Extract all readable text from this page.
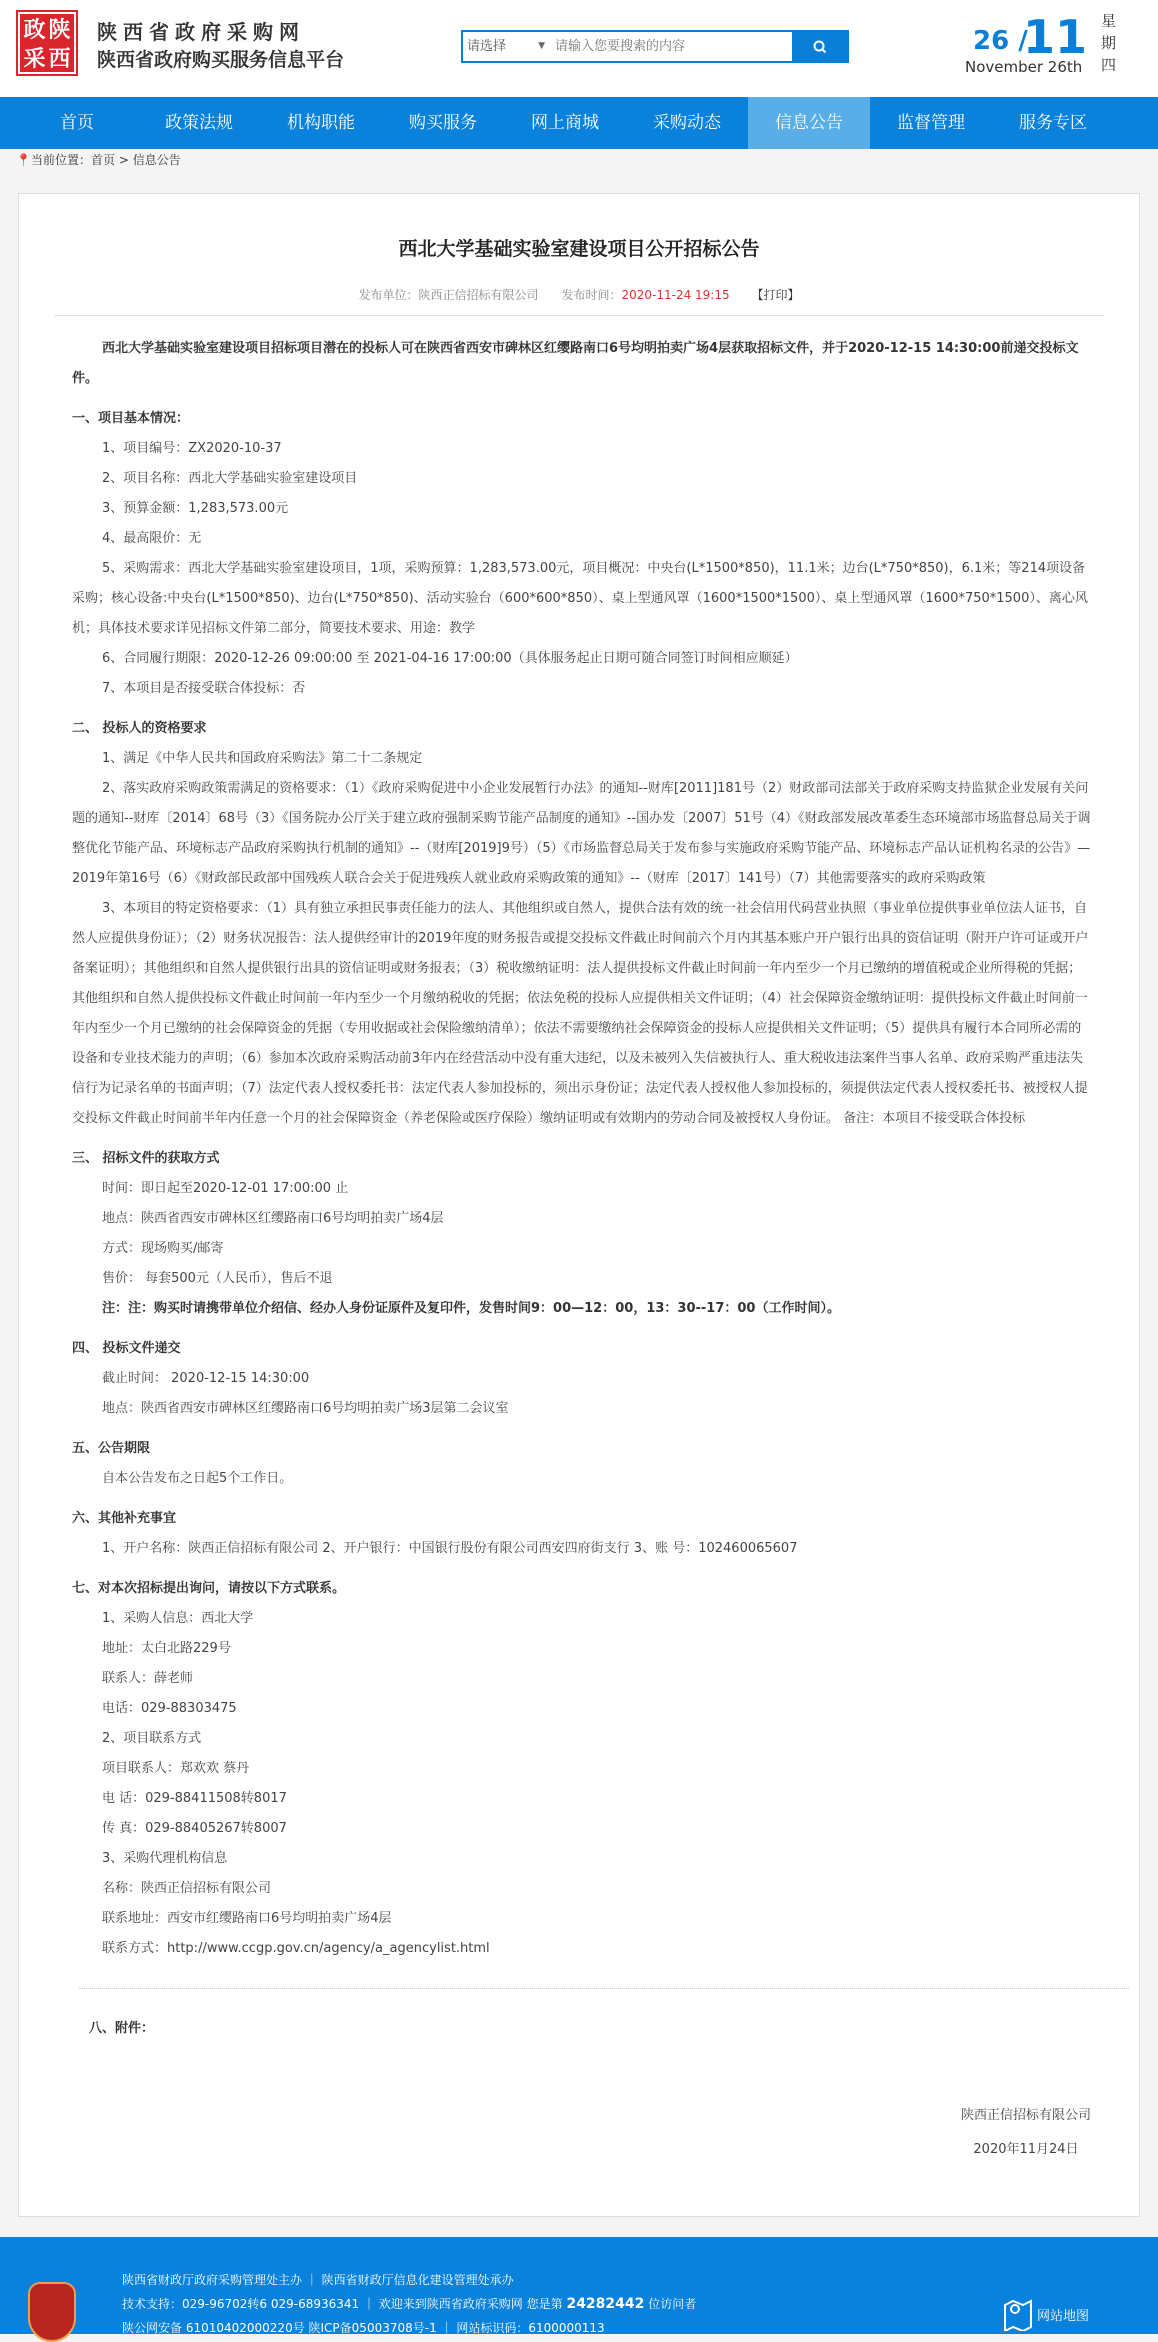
政 陕
采 西
陕西省政府采购网
陕西省政府购买服务信息平台
请选择	▼
请输入您要搜索的内容	26 /
11
November 26th
星期四
首页	政策法规	机构职能	购买服务	网上商城	采购动态	信息公告	监督管理	服务专区
📍当前位置：首页 > 信息公告
西北大学基础实验室建设项目公开招标公告
发布单位：陕西正信招标有限公司 发布时间：2020-11-24 19:15 【打印】

西北大学基础实验室建设项目招标项目潜在的投标人可在陕西省西安市碑林区红缨路南口6号均明拍卖广场4层获取招标文件，并于2020-12-15 14:30:00前递交投标文件。

一、项目基本情况：

1、项目编号：ZX2020-10-37

2、项目名称：西北大学基础实验室建设项目

3、预算金额：1,283,573.00元

4、最高限价：无

5、采购需求：西北大学基础实验室建设项目，1项，采购预算：1,283,573.00元，项目概况：中央台(L*1500*850)，11.1米；边台(L*750*850)，6.1米；等214项设备采购；核心设备:中央台(L*1500*850)、边台(L*750*850)、活动实验台（600*600*850）、桌上型通风罩（1600*1500*1500）、桌上型通风罩（1600*750*1500）、离心风机；具体技术要求详见招标文件第二部分，简要技术要求、用途：教学

6、合同履行期限：2020-12-26 09:00:00 至 2021-04-16 17:00:00（具体服务起止日期可随合同签订时间相应顺延）

7、本项目是否接受联合体投标：否

二、 投标人的资格要求

1、满足《中华人民共和国政府采购法》第二十二条规定

2、落实政府采购政策需满足的资格要求：（1）《政府采购促进中小企业发展暂行办法》的通知--财库[2011]181号（2）财政部司法部关于政府采购支持监狱企业发展有关问题的通知--财库〔2014〕68号（3）《国务院办公厅关于建立政府强制采购节能产品制度的通知》--国办发〔2007〕51号（4）《财政部发展改革委生态环境部市场监督总局关于调整优化节能产品、环境标志产品政府采购执行机制的通知》--（财库[2019]9号）（5）《市场监督总局关于发布参与实施政府采购节能产品、环境标志产品认证机构名录的公告》—2019年第16号（6）《财政部民政部中国残疾人联合会关于促进残疾人就业政府采购政策的通知》--（财库〔2017〕141号）（7）其他需要落实的政府采购政策

3、本项目的特定资格要求：（1）具有独立承担民事责任能力的法人、其他组织或自然人，提供合法有效的统一社会信用代码营业执照（事业单位提供事业单位法人证书，自然人应提供身份证）；（2）财务状况报告：法人提供经审计的2019年度的财务报告或提交投标文件截止时间前六个月内其基本账户开户银行出具的资信证明（附开户许可证或开户备案证明）；其他组织和自然人提供银行出具的资信证明或财务报表；（3）税收缴纳证明：法人提供投标文件截止时间前一年内至少一个月已缴纳的增值税或企业所得税的凭据；其他组织和自然人提供投标文件截止时间前一年内至少一个月缴纳税收的凭据；依法免税的投标人应提供相关文件证明；（4）社会保障资金缴纳证明：提供投标文件截止时间前一年内至少一个月已缴纳的社会保障资金的凭据（专用收据或社会保险缴纳清单）；依法不需要缴纳社会保障资金的投标人应提供相关文件证明；（5）提供具有履行本合同所必需的设备和专业技术能力的声明；（6）参加本次政府采购活动前3年内在经营活动中没有重大违纪，以及未被列入失信被执行人、重大税收违法案件当事人名单、政府采购严重违法失信行为记录名单的书面声明；（7）法定代表人授权委托书：法定代表人参加投标的，须出示身份证；法定代表人授权他人参加投标的，须提供法定代表人授权委托书、被授权人提交投标文件截止时间前半年内任意一个月的社会保障资金（养老保险或医疗保险）缴纳证明或有效期内的劳动合同及被授权人身份证。 备注：本项目不接受联合体投标

三、 招标文件的获取方式

时间：即日起至2020-12-01 17:00:00 止

地点：陕西省西安市碑林区红缨路南口6号均明拍卖广场4层

方式：现场购买/邮寄

售价： 每套500元（人民币），售后不退

注：注：购买时请携带单位介绍信、经办人身份证原件及复印件，发售时间9：00—12：00，13：30--17：00（工作时间）。

四、 投标文件递交

截止时间： 2020-12-15 14:30:00

地点：陕西省西安市碑林区红缨路南口6号均明拍卖广场3层第二会议室

五、公告期限

自本公告发布之日起5个工作日。

六、其他补充事宜

1、开户名称：陕西正信招标有限公司 2、开户银行：中国银行股份有限公司西安四府街支行 3、账 号：102460065607

七、对本次招标提出询问，请按以下方式联系。

1、采购人信息：西北大学

地址：太白北路229号

联系人：薛老师

电话：029-88303475

2、项目联系方式

项目联系人：郑欢欢 蔡丹

电 话：029-88411508转8017

传 真：029-88405267转8007

3、采购代理机构信息

名称：陕西正信招标有限公司

联系地址：西安市红缨路南口6号均明拍卖广场4层

联系方式：http://www.ccgp.gov.cn/agency/a_agencylist.html

八、附件：
陕西正信招标有限公司
2020年11月24日
陕西省财政厅政府采购管理处主办 ｜ 陕西省财政厅信息化建设管理处承办
技术支持：029-96702转6 029-68936341 ｜ 欢迎来到陕西省政府采购网 您是第 24282442 位访问者
陕公网安备 61010402000220号 陕ICP备05003708号-1 ｜ 网站标识码：6100000113
网站地图
